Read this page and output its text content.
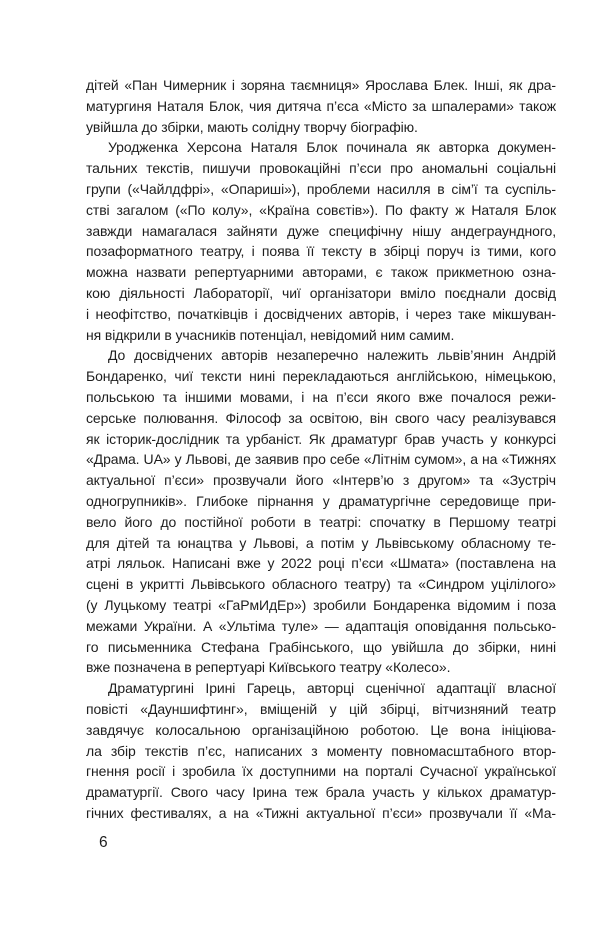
дітей «Пан Чимерник і зоряна таємниця» Ярослава Блек. Інші, як дра-
матургиня Наталя Блок, чия дитяча п’єса «Місто за шпалерами» також
увійшла до збірки, мають солідну творчу біографію.
Уродженка Херсона Наталя Блок починала як авторка докумен-
тальних текстів, пишучи провокаційні п’єси про аномальні соціальні
групи («Чайлдфрі», «Опариші»), проблеми насилля в сім’ї та суспіль-
стві загалом («По колу», «Країна совєтів»). По факту ж Наталя Блок
завжди намагалася зайняти дуже специфічну нішу андеграундного,
позаформатного театру, і поява її тексту в збірці поруч із тими, кого
можна назвати репертуарними авторами, є також прикметною озна-
кою діяльності Лабораторії, чиї організатори вміло поєднали досвід
і неофітство, початківців і досвідчених авторів, і через таке мікшуван-
ня відкрили в учасників потенціал, невідомий ним самим.
До досвідчених авторів незаперечно належить львів’янин Андрій
Бондаренко, чиї тексти нині перекладаються англійською, німецькою,
польською та іншими мовами, і на п’єси якого вже почалося режи-
серське полювання. Філософ за освітою, він свого часу реалізувався
як історик-дослідник та урбаніст. Як драматург брав участь у конкурсі
«Драма. UA» у Львові, де заявив про себе «Літнім сумом», а на «Тижнях
актуальної п’єси» прозвучали його «Інтерв’ю з другом» та «Зустріч
одногрупників». Глибоке пірнання у драматургічне середовище при-
вело його до постійної роботи в театрі: спочатку в Першому театрі
для дітей та юнацтва у Львові, а потім у Львівському обласному те-
атрі ляльок. Написані вже у 2022 році п’єси «Шмата» (поставлена на
сцені в укритті Львівського обласного театру) та «Синдром уцілілого»
(у Луцькому театрі «ГаРмИдЕр») зробили Бондаренка відомим і поза
межами України. А «Ультіма туле» — адаптація оповідання польсько-
го письменника Стефана Грабінського, що увійшла до збірки, нині
вже позначена в репертуарі Київського театру «Колесо».
Драматургині Ірині Гарець, авторці сценічної адаптації власної
повісті «Дауншифтинг», вміщеній у цій збірці, вітчизняний театр
завдячує колосальною організаційною роботою. Це вона ініціюва-
ла збір текстів п’єс, написаних з моменту повномасштабного втор-
гнення росії і зробила їх доступними на порталі Сучасної української
драматургії. Свого часу Ірина теж брала участь у кількох драматур-
гічних фестивалях, а на «Тижні актуальної п’єси» прозвучали її «Ма-
6
